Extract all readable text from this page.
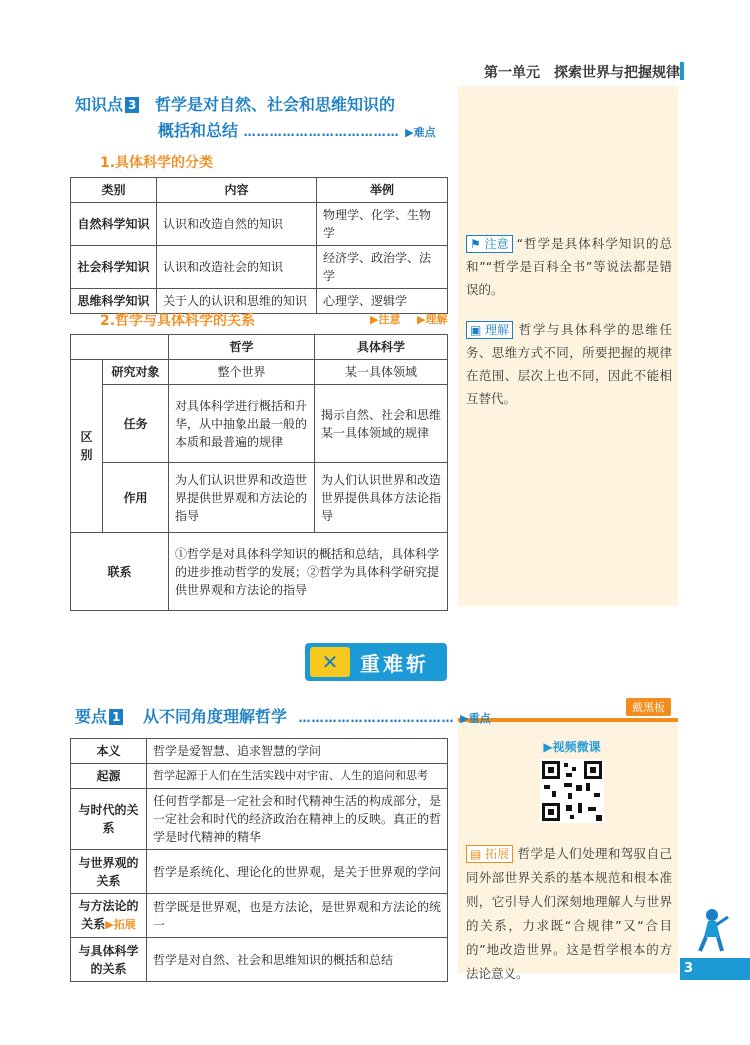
第一单元　探索世界与把握规律
知识点 3 哲学是对自然、社会和思维知识的
概括和总结 ……………………………… ▶难点
1.具体科学的分类
类别	内容	举例
自然科学知识	认识和改造自然的知识	物理学、化学、生物学
社会科学知识	认识和改造社会的知识	经济学、政治学、法学
思维科学知识	关于人的认识和思维的知识	心理学、逻辑学
2.哲学与具体科学的关系	▶注意 ▶理解
		哲学	具体科学
区别	研究对象	整个世界	某一具体领域
	任务	对具体科学进行概括和升华，从中抽象出最一般的本质和最普遍的规律	揭示自然、社会和思维某一具体领域的规律
	作用	为人们认识世界和改造世界提供世界观和方法论的指导	为人们认识世界和改造世界提供具体方法论指导
联系		①哲学是对具体科学知识的概括和总结，具体科学的进步推动哲学的发展；②哲学为具体科学研究提供世界观和方法论的指导	
⚑ 注意 “哲学是具体科学知识的总和”“哲学是百科全书”等说法都是错误的。
▣ 理解 哲学与具体科学的思维任务、思维方式不同，所要把握的规律在范围、层次上也不同，因此不能相互替代。
✕	重难斩
要点 1 从不同角度理解哲学 ……………………………… ▶重点
本义	哲学是爱智慧、追求智慧的学问
起源	哲学起源于人们在生活实践中对宇宙、人生的追问和思考
与时代的关系	任何哲学都是一定社会和时代精神生活的构成部分，是一定社会和时代的经济政治在精神上的反映。真正的哲学是时代精神的精华
与世界观的关系	哲学是系统化、理论化的世界观，是关于世界观的学问
与方法论的关系▶拓展	哲学既是世界观，也是方法论，是世界观和方法论的统一
与具体科学的关系	哲学是对自然、社会和思维知识的概括和总结
戴黑板
▶视频微课
▤ 拓展 哲学是人们处理和驾驭自己同外部世界关系的基本规范和根本准则，它引导人们深刻地理解人与世界的关系，力求既“合规律”又“合目的”地改造世界。这是哲学根本的方法论意义。	3
